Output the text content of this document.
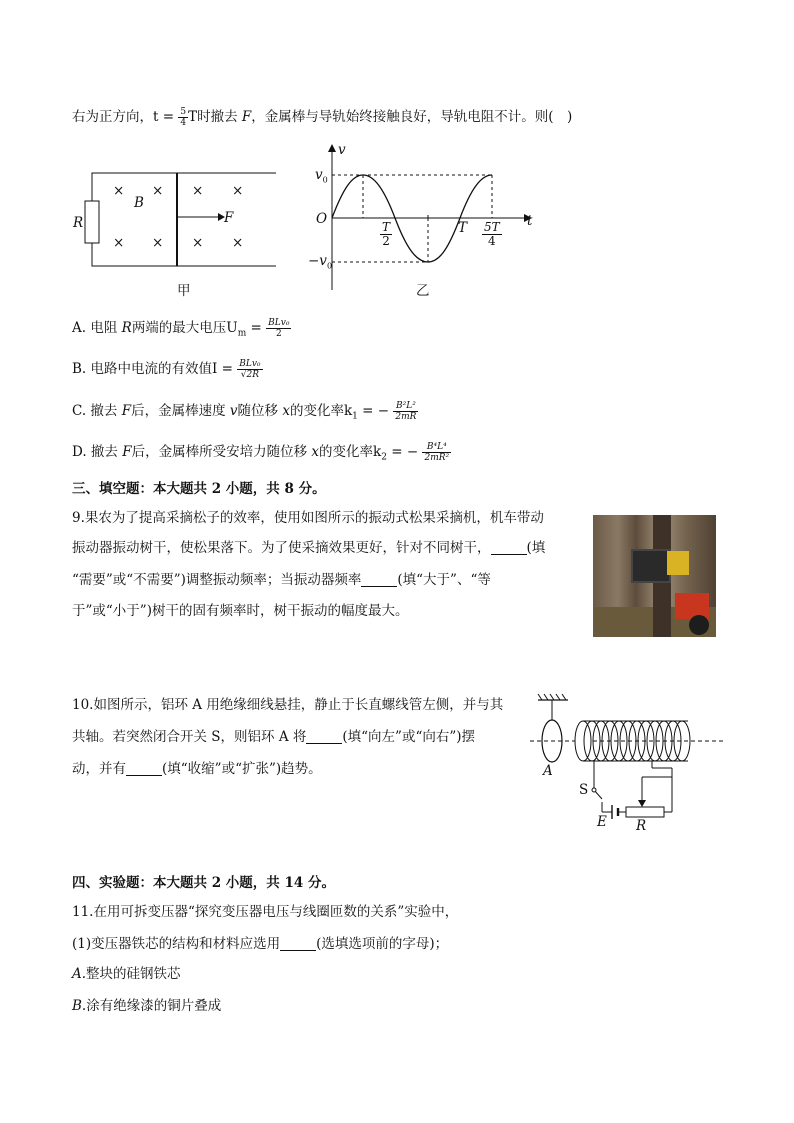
右为正方向，$t = \frac{5}{4}$ T时撤去 F，金属棒与导轨始终接触良好，导轨电阻不计。则(　)
R
B
F
× ×
× ×
× ×
× ×
甲
v
t
O
$v_0$
$-v_0$
$\frac{T}{2}$	T $\frac{5T}{4}$
乙
A. 电阻 R两端的最大电压$U_m = \frac{\text{BLv₀}}{2}$
B. 电路中电流的有效值$I = \frac{\text{BLv₀}}{√2R}$
C. 撤去 F后，金属棒速度 v随位移 x的变化率$k_1$ = − $\frac{\text{B²L²}}{2mR}$
D. 撤去 F后，金属棒所受安培力随位移 x的变化率$k_2$ = − $\frac{\text{B⁴L⁴}}{\text{2mR²}}$
三、填空题：本大题共 2 小题，共 8 分。
9.果农为了提高采摘松子的效率，使用如图所示的振动式松果采摘机，机车带动
振动器振动树干，使松果落下。为了使采摘效果更好，针对不同树干，	(填
“需要”或“不需要”)调整振动频率；当振动器频率	(填“大于”、“等
于”或“小于”)树干的固有频率时，树干振动的幅度最大。
10.如图所示，铝环 A 用绝缘细线悬挂，静止于长直螺线管左侧，并与其
共轴。若突然闭合开关 S，则铝环 A 将	(填“向左”或“向右”)摆
动，并有	(填“收缩”或“扩张”)趋势。	A
S
E R
四、实验题：本大题共 2 小题，共 14 分。
11.在用可拆变压器“探究变压器电压与线圈匝数的关系”实验中，
(1)变压器铁芯的结构和材料应选用	(选填选项前的字母)；
A.整块的硅钢铁芯
B.涂有绝缘漆的铜片叠成
